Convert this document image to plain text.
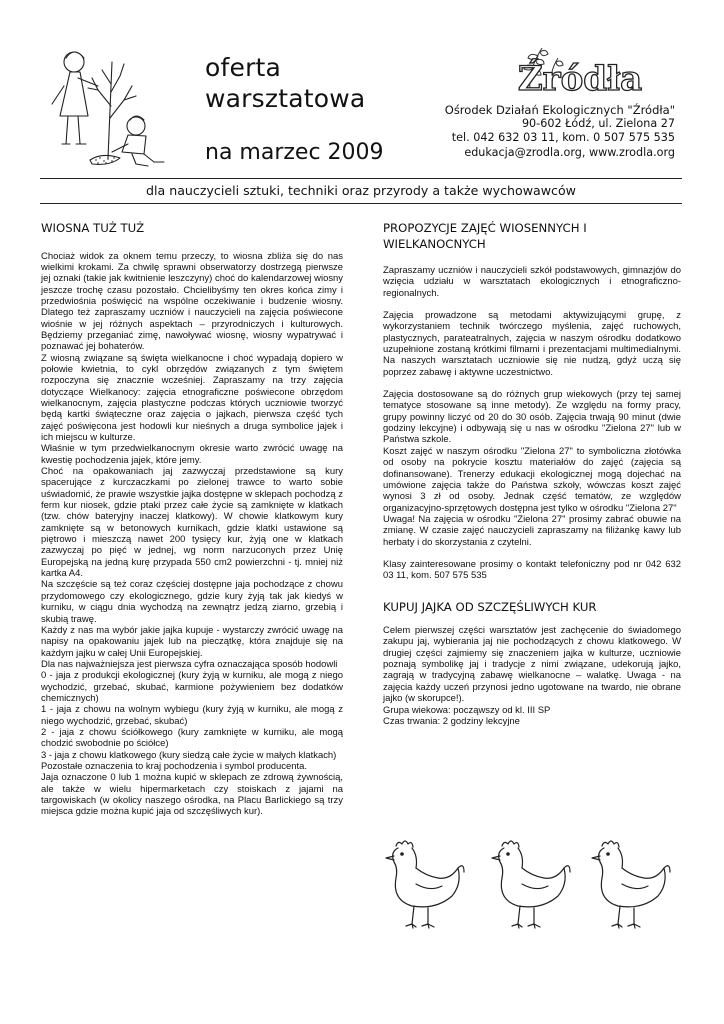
oferta
warsztatowa
na marzec 2009
Źródła
Ośrodek Działań Ekologicznych "Źródła"
90-602 Łódź, ul. Zielona 27
tel. 042 632 03 11, kom. 0 507 575 535
edukacja@zrodla.org, www.zrodla.org
dla nauczycieli sztuki, techniki oraz przyrody a także wychowawców
WIOSNA TUŻ TUŻ

Chociaż widok za oknem temu przeczy, to wiosna zbliża się do nas wielkimi krokami. Za chwilę sprawni obserwatorzy dostrzegą pierwsze jej oznaki (takie jak kwitnienie leszczyny) choć do kalendarzowej wiosny jeszcze trochę czasu pozostało. Chcielibyśmy ten okres końca zimy i przedwiośnia poświęcić na wspólne oczekiwanie i budzenie wiosny. Dlatego też zapraszamy uczniów i nauczycieli na zajęcia poświecone wiośnie w jej różnych aspektach – przyrodniczych i kulturowych. Będziemy przeganiać zimę, nawoływać wiosnę, wiosny wypatrywać i poznawać jej bohaterów.

Z wiosną związane są święta wielkanocne i choć wypadają dopiero w połowie kwietnia, to cykl obrzędów związanych z tym świętem rozpoczyna się znacznie wcześniej. Zapraszamy na trzy zajęcia dotyczące Wielkanocy: zajęcia etnograficzne poświecone obrzędom wielkanocnym, zajęcia plastyczne podczas których uczniowie tworzyć będą kartki świąteczne oraz zajęcia o jajkach, pierwsza część tych zajęć poświęcona jest hodowli kur nieśnych a druga symbolice jajek i ich miejscu w kulturze.

Właśnie w tym przedwielkanocnym okresie warto zwrócić uwagę na kwestię pochodzenia jajek, które jemy.

Choć na opakowaniach jaj zazwyczaj przedstawione są kury spacerujące z kurczaczkami po zielonej trawce to warto sobie uświadomić, że prawie wszystkie jajka dostępne w sklepach pochodzą z ferm kur niosek, gdzie ptaki przez całe życie są zamknięte w klatkach (tzw. chów bateryjny inaczej klatkowy). W chowie klatkowym kury zamknięte są w betonowych kurnikach, gdzie klatki ustawione są piętrowo i mieszczą nawet 200 tysięcy kur, żyją one w klatkach zazwyczaj po pięć w jednej, wg norm narzuconych przez Unię Europejską na jedną kurę przypada 550 cm2 powierzchni - tj. mniej niż kartka A4.

Na szczęście są też coraz częściej dostępne jaja pochodzące z chowu przydomowego czy ekologicznego, gdzie kury żyją tak jak kiedyś w kurniku, w ciągu dnia wychodzą na zewnątrz jedzą ziarno, grzebią i skubią trawę.

Każdy z nas ma wybór jakie jajka kupuje - wystarczy zwrócić uwagę na napisy na opakowaniu jajek lub na pieczątkę, która znajduje się na każdym jajku w całej Unii Europejskiej.

Dla nas najważniejsza jest pierwsza cyfra oznaczająca sposób hodowli

0 - jaja z produkcji ekologicznej (kury żyją w kurniku, ale mogą z niego wychodzić, grzebać, skubać, karmione pożywieniem bez dodatków chemicznych)

1 - jaja z chowu na wolnym wybiegu (kury żyją w kurniku, ale mogą z niego wychodzić, grzebać, skubać)

2 - jaja z chowu ściółkowego (kury zamknięte w kurniku, ale mogą chodzić swobodnie po ściółce)

3 - jaja z chowu klatkowego (kury siedzą całe życie w małych klatkach)

Pozostałe oznaczenia to kraj pochodzenia i symbol producenta.

Jaja oznaczone 0 lub 1 można kupić w sklepach ze zdrową żywnością, ale także w wielu hipermarketach czy stoiskach z jajami na targowiskach (w okolicy naszego ośrodka, na Placu Barlickiego są trzy miejsca gdzie można kupić jaja od szczęśliwych kur).

PROPOZYCJE ZAJĘĆ WIOSENNYCH I
WIELKANOCNYCH

Zapraszamy uczniów i nauczycieli szkół podstawowych, gimnazjów do wzięcia udziału w warsztatach ekologicznych i etnograficzno-regionalnych.

Zajęcia prowadzone są metodami aktywizującymi grupę, z wykorzystaniem technik twórczego myślenia, zajęć ruchowych, plastycznych, parateatralnych, zajęcia w naszym ośrodku dodatkowo uzupełnione zostaną krótkimi filmami i prezentacjami multimedialnymi. Na naszych warsztatach uczniowie się nie nudzą, gdyż uczą się poprzez zabawę i aktywne uczestnictwo.

Zajęcia dostosowane są do różnych grup wiekowych (przy tej samej tematyce stosowane są inne metody). Ze względu na formy pracy, grupy powinny liczyć od 20 do 30 osób. Zajęcia trwają 90 minut (dwie godziny lekcyjne) i odbywają się u nas w ośrodku "Zielona 27" lub w Państwa szkole.

Koszt zajęć w naszym ośrodku "Zielona 27" to symboliczna złotówka od osoby na pokrycie kosztu materiałów do zajęć (zajęcia są dofinansowane). Trenerzy edukacji ekologicznej mogą dojechać na umówione zajęcia także do Państwa szkoły, wówczas koszt zajęć wynosi 3 zł od osoby. Jednak część tematów, ze względów organizacyjno-sprzętowych dostępna jest tylko w ośrodku "Zielona 27"

Uwaga! Na zajęcia w ośrodku "Zielona 27" prosimy zabrać obuwie na zmianę. W czasie zajęć nauczycieli zapraszamy na filiżankę kawy lub herbaty i do skorzystania z czytelni.

Klasy zainteresowane prosimy o kontakt telefoniczny pod nr 042 632 03 11, kom. 507 575 535

KUPUJ JAJKA OD SZCZĘŚLIWYCH KUR

Celem pierwszej części warsztatów jest zachęcenie do świadomego zakupu jaj, wybierania jaj nie pochodzących z chowu klatkowego. W drugiej części zajmiemy się znaczeniem jajka w kulturze, uczniowie poznają symbolikę jaj i tradycje z nimi związane, udekorują jajko, zagrają w tradycyjną zabawę wielkanocne – walatkę. Uwaga - na zajęcia każdy uczeń przynosi jedno ugotowane na twardo, nie obrane jajko (w skorupce!).

Grupa wiekowa: począwszy od kl. III SP

Czas trwania: 2 godziny lekcyjne
